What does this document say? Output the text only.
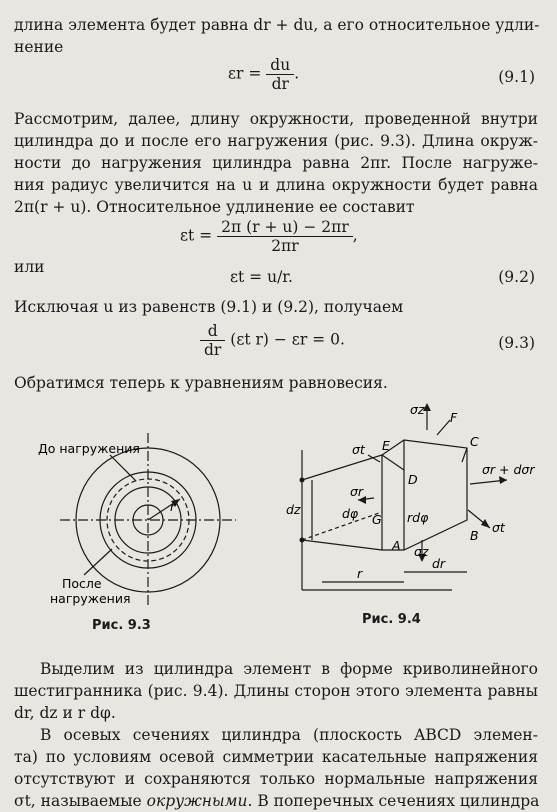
длина элемента будет равна dr + du, а его относительное удли-
нение
$\varepsilon r = \frac{du}{dr}$ .	(9.1)
Рассмотрим, далее, длину окружности, проведенной внутри
цилиндра до и после его нагружения (рис. 9.3). Длина окруж-
ности до нагружения цилиндра равна 2πr. После нагруже-
ния радиус увеличится на u и длина окружности будет равна
2π(r + u). Относительное удлинение ее составит
$\varepsilon t = \frac{2\pi (r + u) - 2\pi r}{2\pi r}$ ,
или
εt = u/r.	(9.2)
Исключая u из равенств (9.1) и (9.2), получаем
$\frac{d}{dr} (\varepsilon t$ r) − εr = 0.	(9.3)
Обратимся теперь к уравнениям равновесия.
До нагружения
r
После
нагружения
Рис. 9.3
σz
F
σt E	C
D
σr + dσr
σr
dφ G rdφ
dz
A
B
σt
σz
dr
r
Рис. 9.4
Выделим из цилиндра элемент в форме криволинейного
шестигранника (рис. 9.4). Длины сторон этого элемента равны
dr, dz и r dφ.
В осевых сечениях цилиндра (плоскость ABCD элемен-
та) по условиям осевой симметрии касательные напряжения
отсутствуют и сохраняются только нормальные напряжения
σt, называемые окружными. В поперечных сечениях цилиндра
